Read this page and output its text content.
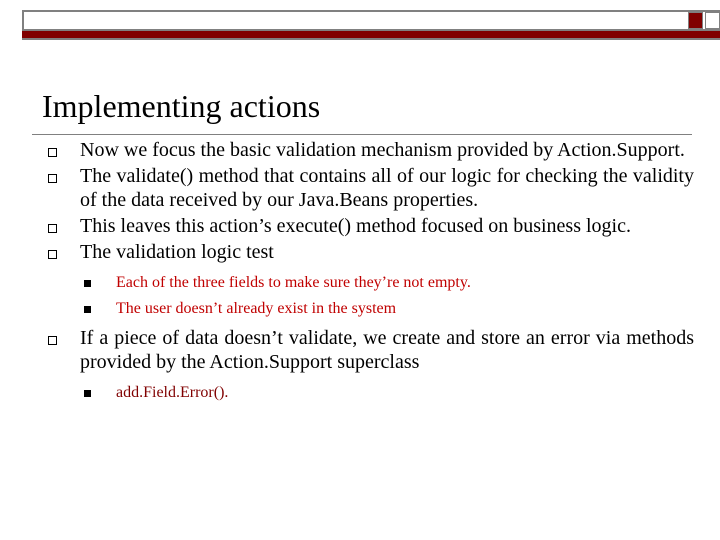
Implementing actions
Now we focus the basic validation mechanism provided by Action.Support.
The validate() method that contains all of our logic for checking the validity of the data received by our Java.Beans properties.
This leaves this action’s execute() method focused on business logic.
The validation logic test
Each of the three fields to make sure they’re not empty.
The user doesn’t already exist in the system
If a piece of data doesn’t validate, we create and store an error via methods provided by the Action.Support superclass
add.Field.Error().
